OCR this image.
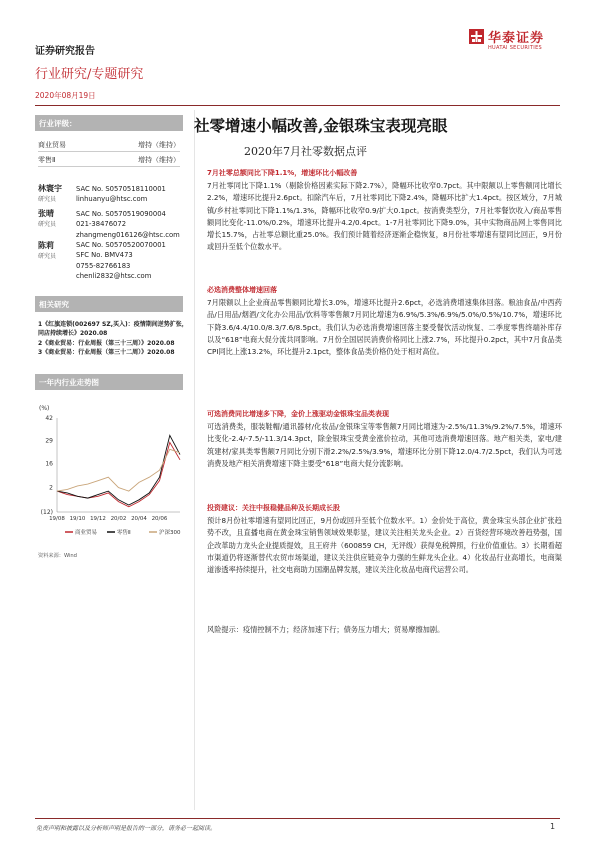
证券研究报告
行业研究/专题研究
2020年08月19日
华泰证券
HUATAI SECURITIES
行业评级：
商业贸易	增持（维持）
零售Ⅱ	增持（维持）
林寰宇
研究员
SAC No. S0570518110001
linhuanyu@htsc.com
张晴
研究员
SAC No. S0570519090004
021-38476072
zhangmeng016126@htsc.com
陈莉
研究员
SAC No. S0570520070001
SFC No. BMV473
0755-82766183
chenli2832@htsc.com
相关研究
1《红旗连锁(002697 SZ,买入)：疫情期间逆势扩张，同店持续增长》2020.08
2《商业贸易：行业周报（第三十三周）》2020.08
3《商业贸易：行业周报（第三十二周）》2020.08
一年内行业走势图
(%)
42
29
16
2
(12)
19/08 19/10 19/12 20/02 20/04 20/06
商业贸易	零售Ⅱ	沪深300
资料来源：Wind
社零增速小幅改善,金银珠宝表现亮眼
2020年7月社零数据点评
7月社零总额同比下降1.1%，增速环比小幅改善
7月社零同比下降1.1%（剔除价格因素实际下降2.7%），降幅环比收窄0.7pct。其中限额以上零售额同比增长2.2%，增速环比提升2.6pct。扣除汽车后，7月社零同比下降2.4%，降幅环比扩大1.4pct。按区域分，7月城镇/乡村社零同比下降1.1%/1.3%，降幅环比收窄0.9/扩大0.1pct。按消费类型分，7月社零餐饮收入/商品零售额同比变化-11.0%/0.2%，增速环比提升4.2/0.4pct。1-7月社零同比下降9.0%，其中实物商品网上零售同比增长15.7%，占社零总额比重25.0%。我们预计随着经济逐渐企稳恢复，8月份社零增速有望同比回正，9月份或回升至低个位数水平。
必选消费整体增速回落
7月限额以上企业商品零售额同比增长3.0%，增速环比提升2.6pct，必选消费增速集体回落。粮油食品/中西药品/日用品/烟酒/文化办公用品/饮料等零售额7月同比增速为6.9%/5.3%/6.9%/5.0%/0.5%/10.7%，增速环比下降3.6/4.4/10.0/8.3/7.6/8.5pct。我们认为必选消费增速回落主要受餐饮活动恢复、二季度零售终端补库存以及“618”电商大促分流共同影响。7月份全国居民消费价格同比上涨2.7%，环比提升0.2pct，其中7月食品类CPI同比上涨13.2%，环比提升2.1pct，整体食品类价格仍处于相对高位。
可选消费同比增速多下降，金价上涨驱动金银珠宝品类表现
可选消费类，服装鞋帽/通讯器材/化妆品/金银珠宝等零售额7月同比增速为-2.5%/11.3%/9.2%/7.5%，增速环比变化-2.4/-7.5/-11.3/14.3pct，除金银珠宝受黄金涨价拉动，其他可选消费增速回落。地产相关类，家电/建筑建材/家具类零售额7月同比分别下滑2.2%/2.5%/3.9%，增速环比分别下降12.0/4.7/2.5pct，我们认为可选消费及地产相关消费增速下降主要受“618”电商大促分流影响。
投资建议：关注中报稳健品种及长期成长股
预计8月份社零增速有望同比回正，9月份或回升至低个位数水平。1）金价处于高位，黄金珠宝头部企业扩张趋势不改，且直播电商在黄金珠宝销售领域效果彰显，建议关注相关龙头企业。2）百货经营环境改善趋势强，国企改革助力龙头企业提质提效，且王府井（600859 CH，无评级）获得免税牌照，行业价值重估。3）长期看超市渠道仍将逐渐替代农贸市场渠道，建议关注供应链竞争力强的生鲜龙头企业。4）化妆品行业高增长，电商渠道渗透率持续提升，社交电商助力国潮品牌发展，建议关注化妆品电商代运营公司。
风险提示：疫情控制不力；经济加速下行；债务压力增大；贸易摩擦加剧。
免责声明和披露以及分析师声明是报告的一部分，请务必一起阅读。	1
